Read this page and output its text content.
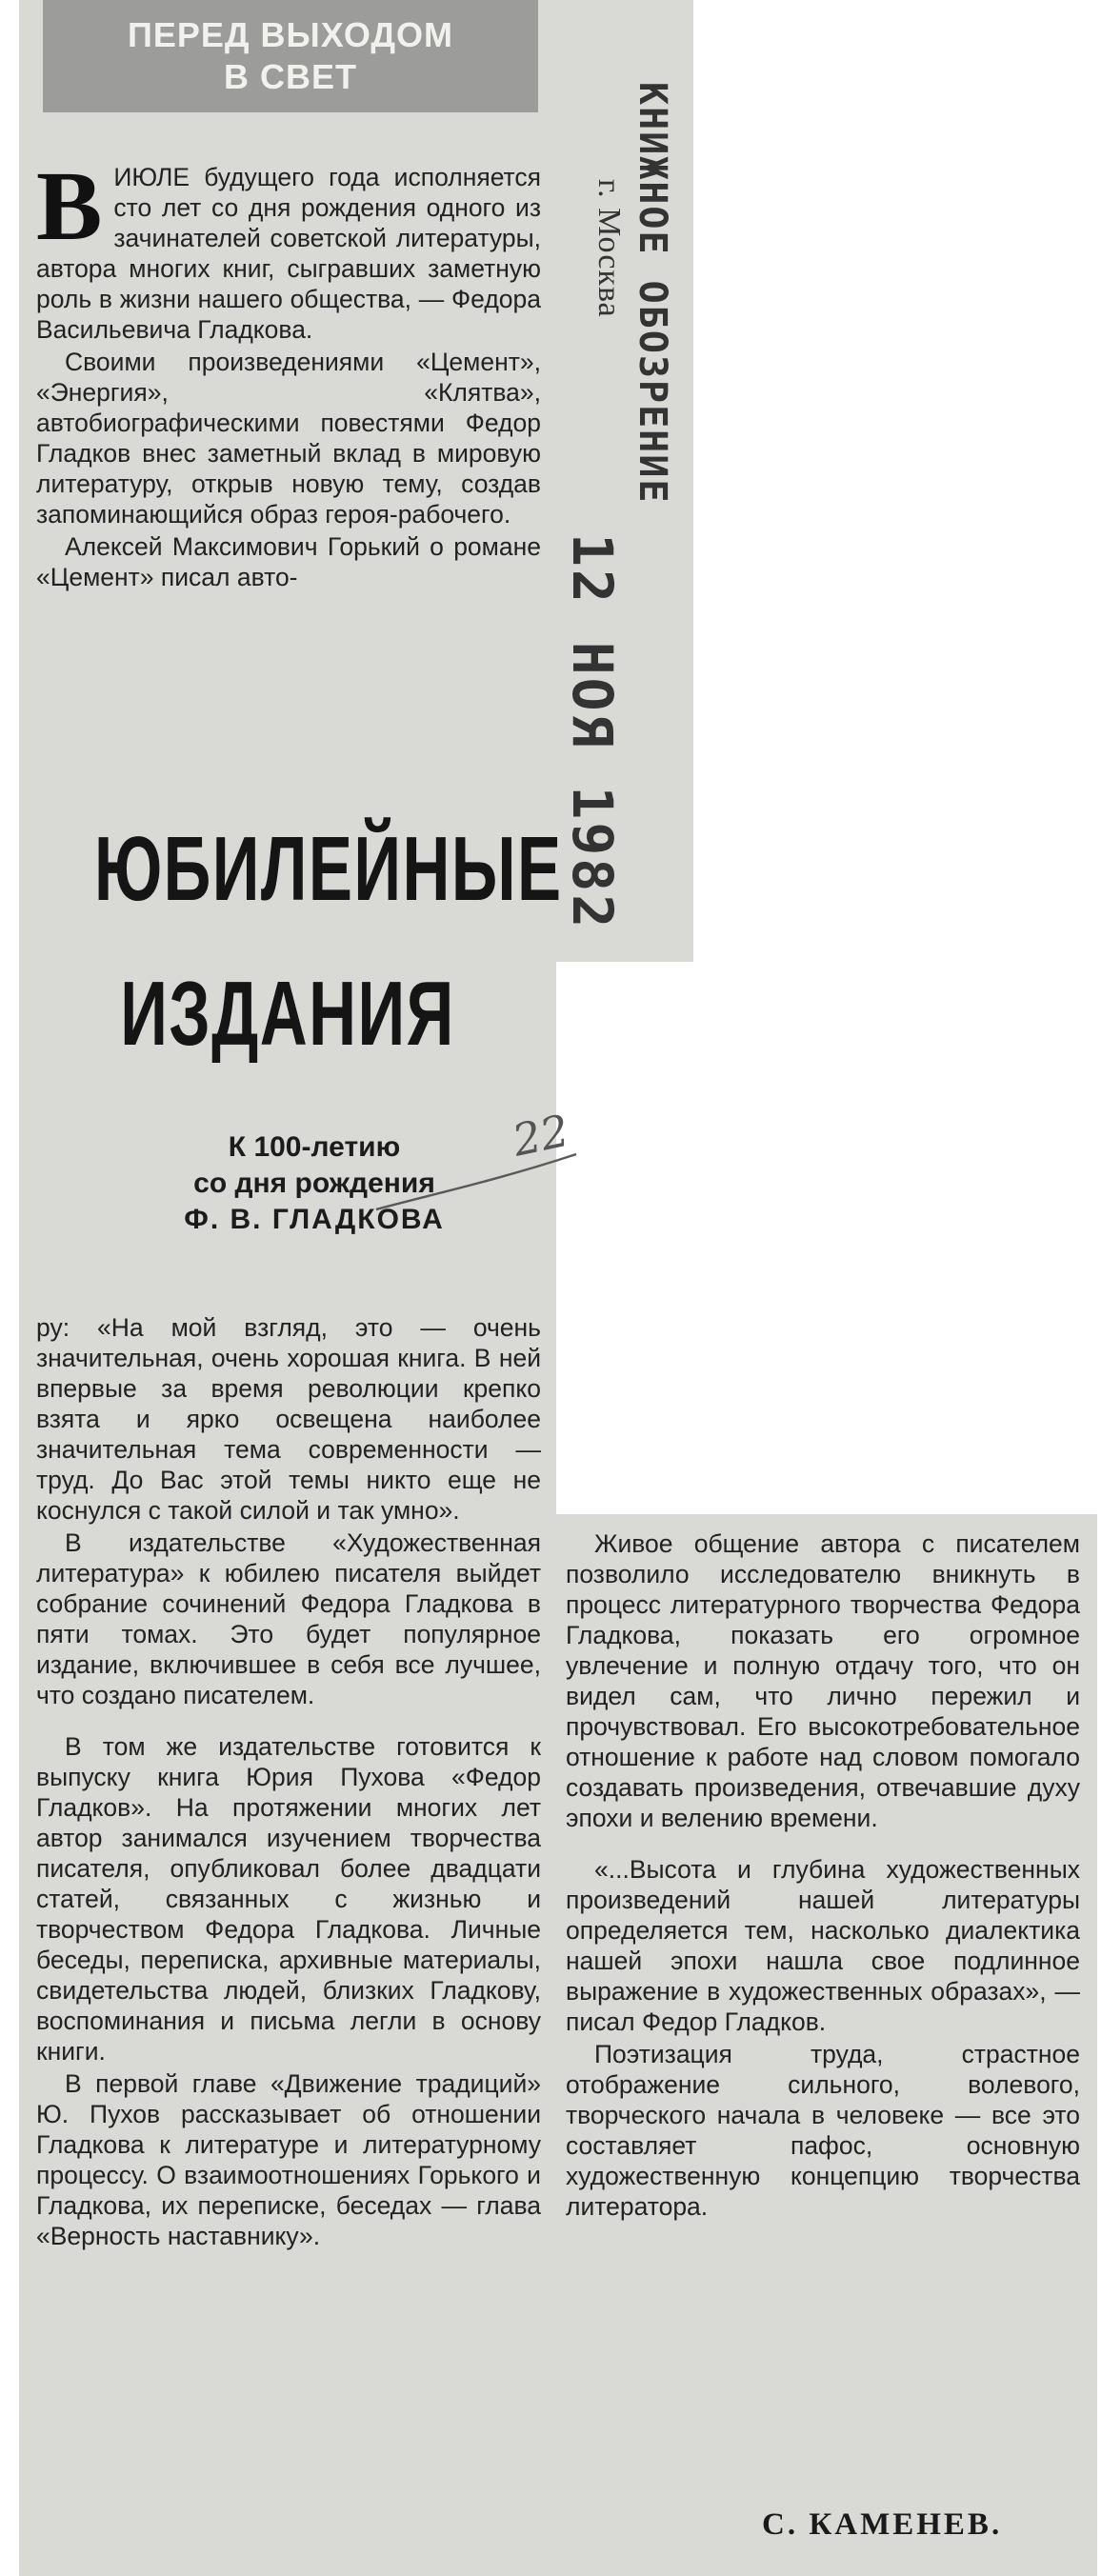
ПЕРЕД ВЫХОДОМ
В СВЕТ
КНИЖНОЕ ОБОЗРЕНИЕ
г. Москва
12 НОЯ 1982

ВИЮЛЕ будущего года исполняется сто лет со дня рождения одного из зачинателей советской литературы, автора многих книг, сыгравших заметную роль в жизни нашего общества, — Федора Васильевича Гладкова.

Своими произведениями «Цемент», «Энергия», «Клятва», автобиографическими повестями Федор Гладков внес заметный вклад в мировую литературу, открыв новую тему, создав запоминающийся образ героя-рабочего.

Алексей Максимович Горький о романе «Цемент» писал авто-

ЮБИЛЕЙНЫЕ
ИЗДАНИЯ
К 100-летию
со дня рождения
Ф. В. ГЛАДКОВА
22

ру: «На мой взгляд, это — очень значительная, очень хорошая книга. В ней впервые за время революции крепко взята и ярко освещена наиболее значительная тема современности — труд. До Вас этой темы никто еще не коснулся с такой силой и так умно».

В издательстве «Художественная литература» к юбилею писателя выйдет собрание сочинений Федора Гладкова в пяти томах. Это будет популярное издание, включившее в себя все лучшее, что создано писателем.

В том же издательстве готовится к выпуску книга Юрия Пухова «Федор Гладков». На протяжении многих лет автор занимался изучением творчества писателя, опубликовал более двадцати статей, связанных с жизнью и творчеством Федора Гладкова. Личные беседы, переписка, архивные материалы, свидетельства людей, близких Гладкову, воспоминания и письма легли в основу книги.

В первой главе «Движение традиций» Ю. Пухов рассказывает об отношении Гладкова к литературе и литературному процессу. О взаимоотношениях Горького и Гладкова, их переписке, беседах — глава «Верность наставнику».

Живое общение автора с писателем позволило исследователю вникнуть в процесс литературного творчества Федора Гладкова, показать его огромное увлечение и полную отдачу того, что он видел сам, что лично пережил и прочувствовал. Его высокотребовательное отношение к работе над словом помогало создавать произведения, отвечавшие духу эпохи и велению времени.

«...Высота и глубина художественных произведений нашей литературы определяется тем, насколько диалектика нашей эпохи нашла свое подлинное выражение в художественных образах», — писал Федор Гладков.

Поэтизация труда, страстное отображение сильного, волевого, творческого начала в человеке — все это составляет пафос, основную художественную концепцию творчества литератора.

С. КАМЕНЕВ.
